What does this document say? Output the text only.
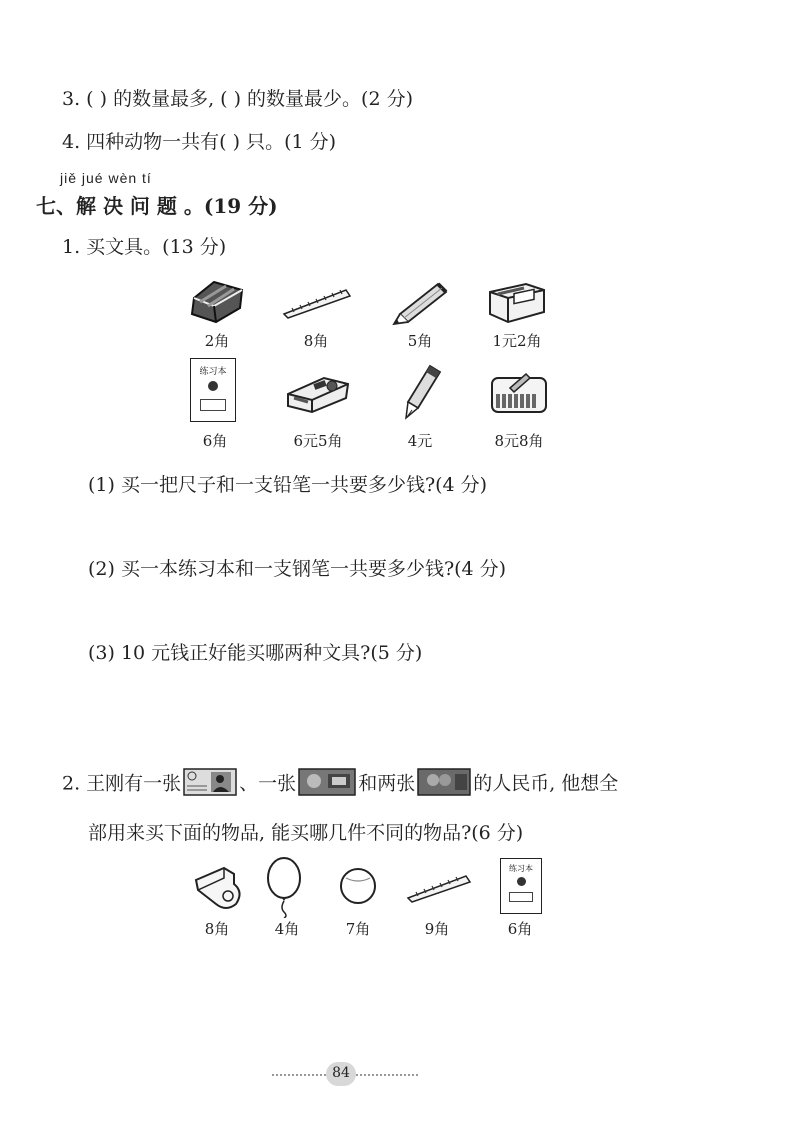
3. ( ) 的数量最多, ( ) 的数量最少。(2 分)
4. 四种动物一共有( ) 只。(1 分)
jiě jué wèn tí
七、解 决 问 题 。(19 分)
1. 买文具。(13 分)
2角	8角	5角	1元2角
练习本
6角	6元5角	4元	8元8角
(1) 买一把尺子和一支铅笔一共要多少钱?(4 分)
(2) 买一本练习本和一支钢笔一共要多少钱?(4 分)
(3) 10 元钱正好能买哪两种文具?(5 分)
2. 王刚有一张	、一张	和两张	的人民币, 他想全
部用来买下面的物品, 能买哪几件不同的物品?(6 分)
练习本
8角	4角	7角	9角	6角
84
